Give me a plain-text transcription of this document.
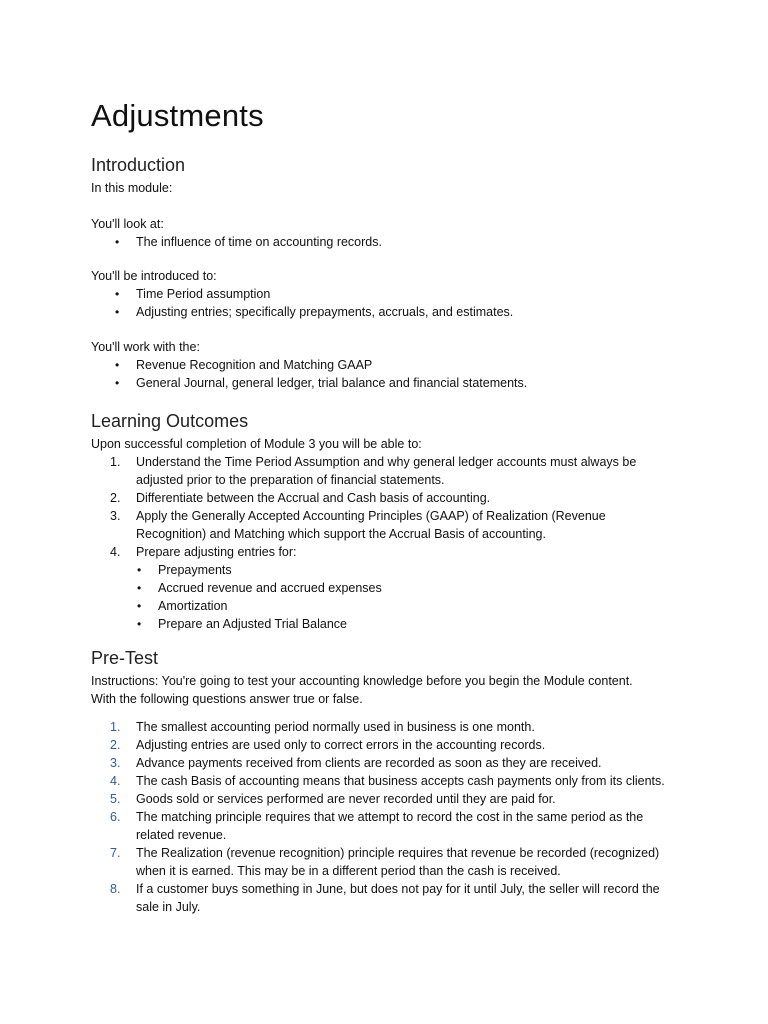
Adjustments
Introduction
In this module:
You'll look at:
• The influence of time on accounting records.
You'll be introduced to:
• Time Period assumption
• Adjusting entries; specifically prepayments, accruals, and estimates.
You'll work with the:
• Revenue Recognition and Matching GAAP
• General Journal, general ledger, trial balance and financial statements.
Learning Outcomes
Upon successful completion of Module 3 you will be able to:
1. Understand the Time Period Assumption and why general ledger accounts must always be
adjusted prior to the preparation of financial statements.
2. Differentiate between the Accrual and Cash basis of accounting.
3. Apply the Generally Accepted Accounting Principles (GAAP) of Realization (Revenue
Recognition) and Matching which support the Accrual Basis of accounting.
4. Prepare adjusting entries for:
• Prepayments
• Accrued revenue and accrued expenses
• Amortization
• Prepare an Adjusted Trial Balance
Pre-Test
Instructions: You're going to test your accounting knowledge before you begin the Module content.
With the following questions answer true or false.
1. The smallest accounting period normally used in business is one month.
2. Adjusting entries are used only to correct errors in the accounting records.
3. Advance payments received from clients are recorded as soon as they are received.
4. The cash Basis of accounting means that business accepts cash payments only from its clients.
5. Goods sold or services performed are never recorded until they are paid for.
6. The matching principle requires that we attempt to record the cost in the same period as the
related revenue.
7. The Realization (revenue recognition) principle requires that revenue be recorded (recognized)
when it is earned. This may be in a different period than the cash is received.
8. If a customer buys something in June, but does not pay for it until July, the seller will record the
sale in July.
